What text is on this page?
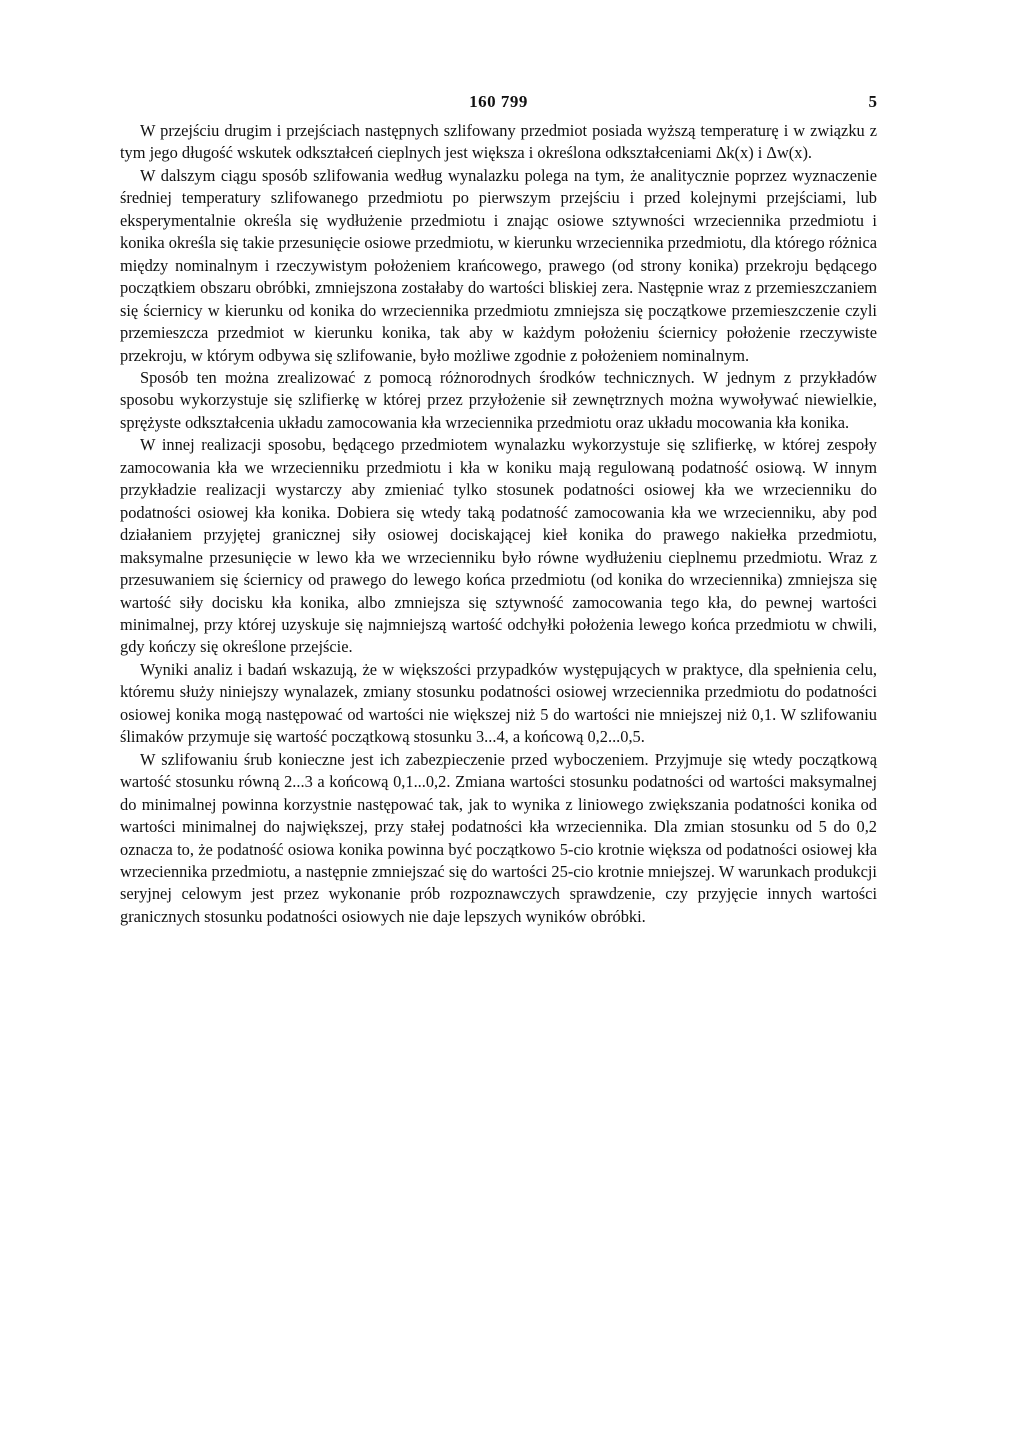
160 799	5

W przejściu drugim i przejściach następnych szlifowany przedmiot posiada wyższą temperaturę i w związku z tym jego długość wskutek odkształceń cieplnych jest większa i określona odkształceniami Δk(x) i Δw(x).

W dalszym ciągu sposób szlifowania według wynalazku polega na tym, że analitycznie poprzez wyznaczenie średniej temperatury szlifowanego przedmiotu po pierwszym przejściu i przed kolejnymi przejściami, lub eksperymentalnie określa się wydłużenie przedmiotu i znając osiowe sztywności wrzeciennika przedmiotu i konika określa się takie przesunięcie osiowe przedmiotu, w kierunku wrzeciennika przedmiotu, dla którego różnica między nominalnym i rzeczywistym położeniem krańcowego, prawego (od strony konika) przekroju będącego początkiem obszaru obróbki, zmniejszona zostałaby do wartości bliskiej zera. Następnie wraz z przemieszczaniem się ściernicy w kierunku od konika do wrzeciennika przedmiotu zmniejsza się początkowe przemieszczenie czyli przemieszcza przedmiot w kierunku konika, tak aby w każdym położeniu ściernicy położenie rzeczywiste przekroju, w którym odbywa się szlifowanie, było możliwe zgodnie z położeniem nominalnym.

Sposób ten można zrealizować z pomocą różnorodnych środków technicznych. W jednym z przykładów sposobu wykorzystuje się szlifierkę w której przez przyłożenie sił zewnętrznych można wywoływać niewielkie, sprężyste odkształcenia układu zamocowania kła wrzeciennika przedmiotu oraz układu mocowania kła konika.

W innej realizacji sposobu, będącego przedmiotem wynalazku wykorzystuje się szlifierkę, w której zespoły zamocowania kła we wrzecienniku przedmiotu i kła w koniku mają regulowaną podatność osiową. W innym przykładzie realizacji wystarczy aby zmieniać tylko stosunek podatności osiowej kła we wrzecienniku do podatności osiowej kła konika. Dobiera się wtedy taką podatność zamocowania kła we wrzecienniku, aby pod działaniem przyjętej granicznej siły osiowej dociskającej kieł konika do prawego nakiełka przedmiotu, maksymalne przesunięcie w lewo kła we wrzecienniku było równe wydłużeniu cieplnemu przedmiotu. Wraz z przesuwaniem się ściernicy od prawego do lewego końca przedmiotu (od konika do wrzeciennika) zmniejsza się wartość siły docisku kła konika, albo zmniejsza się sztywność zamocowania tego kła, do pewnej wartości minimalnej, przy której uzyskuje się najmniejszą wartość odchyłki położenia lewego końca przedmiotu w chwili, gdy kończy się określone przejście.

Wyniki analiz i badań wskazują, że w większości przypadków występujących w praktyce, dla spełnienia celu, któremu służy niniejszy wynalazek, zmiany stosunku podatności osiowej wrzeciennika przedmiotu do podatności osiowej konika mogą następować od wartości nie większej niż 5 do wartości nie mniejszej niż 0,1. W szlifowaniu ślimaków przymuje się wartość początkową stosunku 3...4, a końcową 0,2...0,5.

W szlifowaniu śrub konieczne jest ich zabezpieczenie przed wyboczeniem. Przyjmuje się wtedy początkową wartość stosunku równą 2...3 a końcową 0,1...0,2. Zmiana wartości stosunku podatności od wartości maksymalnej do minimalnej powinna korzystnie następować tak, jak to wynika z liniowego zwiększania podatności konika od wartości minimalnej do największej, przy stałej podatności kła wrzeciennika. Dla zmian stosunku od 5 do 0,2 oznacza to, że podatność osiowa konika powinna być początkowo 5-cio krotnie większa od podatności osiowej kła wrzeciennika przedmiotu, a następnie zmniejszać się do wartości 25-cio krotnie mniejszej. W warunkach produkcji seryjnej celowym jest przez wykonanie prób rozpoznawczych sprawdzenie, czy przyjęcie innych wartości granicznych stosunku podatności osiowych nie daje lepszych wyników obróbki.
